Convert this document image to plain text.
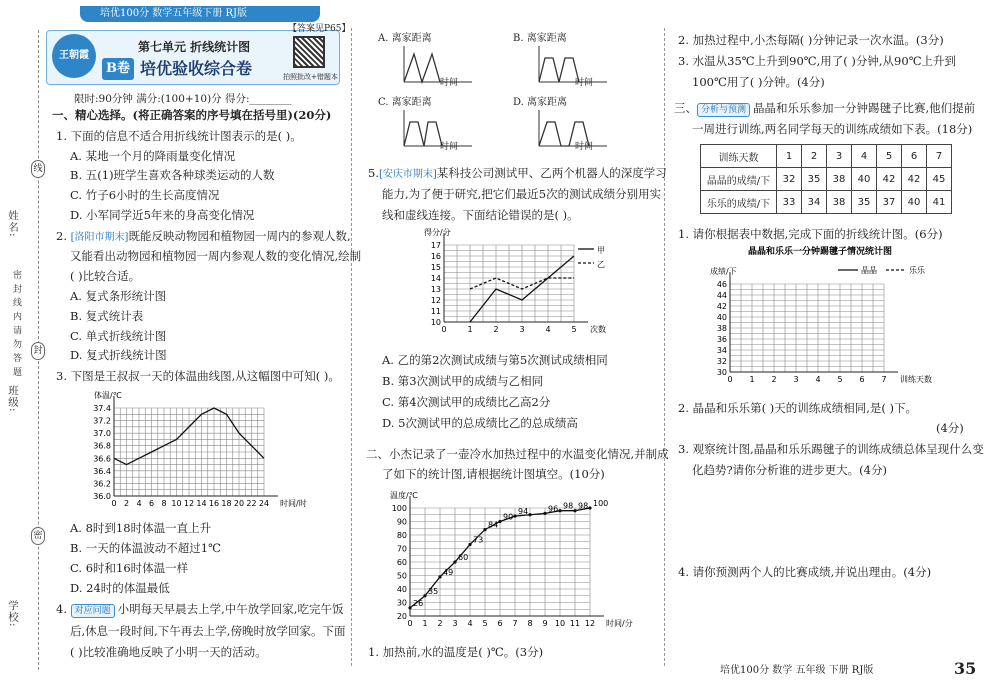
培优100分 数学五年级下册 RJ版
王朝霞
【答案见P65】
第七单元 折线统计图
B卷 培优验收综合卷	拍照批改+错题本
限时:90分钟 满分:(100+10)分 得分:________
姓名:
密 封 线 内 请 勿 答 题
班级:
学校:
线
封
密
一、精心选择。(将正确答案的序号填在括号里)(20分)
1. 下面的信息不适合用折线统计图表示的是( )。
A. 某地一个月的降雨量变化情况
B. 五(1)班学生喜欢各种球类运动的人数
C. 竹子6小时的生长高度情况
D. 小军同学近5年来的身高变化情况
2. [洛阳市期末]既能反映动物园和植物园一周内的参观人数,
又能看出动物园和植物园一周内参观人数的变化情况,绘制
( )比较合适。
A. 复式条形统计图
B. 复式统计表
C. 单式折线统计图
D. 复式折线统计图
3. 下图是王叔叔一天的体温曲线图,从这幅图中可知( )。
36.0
36.2
36.4
36.6
36.8
37.0
37.2
37.4
0 2 4 6 8 10 12 14 16 18 20 22 24 时间/时
体温/℃
A. 8时到18时体温一直上升
B. 一天的体温波动不超过1℃
C. 6时和16时体温一样
D. 24时的体温最低
4. 对应问题 小明每天早晨去上学,中午放学回家,吃完午饭
后,休息一段时间,下午再去上学,傍晚时放学回家。下面
( )比较准确地反映了小明一天的活动。
A. 离家距离	B. 离家距离
C. 离家距离	D. 离家距离
时间	时间
时间	时间
5.[安庆市期末]某科技公司测试甲、乙两个机器人的深度学习
能力,为了便于研究,把它们最近5次的测试成绩分别用实
线和虚线连接。下面结论错误的是( )。
10
11
12
13
14
15
16
17
0	1	2	3	4	5 次数
得分/分
甲
乙
A. 乙的第2次测试成绩与第5次测试成绩相同
B. 第3次测试甲的成绩与乙相同
C. 第4次测试甲的成绩比乙高2分
D. 5次测试甲的总成绩比乙的总成绩高
二、小杰记录了一壶冷水加热过程中的水温变化情况,并制成
了如下的统计图,请根据统计图填空。(10分)
20
30
40
50
60
70
80
90
100
0 1 2 3 4 5 6 7 8 9 10 11 12 时间/分
温度/℃
26
35
49
60
73
84
90
94 96 98 98 100
1. 加热前,水的温度是( )℃。(3分)
2. 加热过程中,小杰每隔( )分钟记录一次水温。(3分)
3. 水温从35℃上升到90℃,用了( )分钟,从90℃上升到
100℃用了( )分钟。(4分)
三、 分析与预测 晶晶和乐乐参加一分钟踢毽子比赛,他们提前
一周进行训练,两名同学每天的训练成绩如下表。(18分)
训练天数	1	2	3	4	5	6	7
晶晶的成绩/下	32	35	38	40	42	42	45
乐乐的成绩/下	33	34	38	35	37	40	41
1. 请你根据表中数据,完成下面的折线统计图。(6分)
30
32
34
36
38
40
42
44
46
0 1 2 3 4 5 6 7 训练天数
成绩/下
晶晶和乐乐一分钟踢毽子情况统计图
晶晶	乐乐
2. 晶晶和乐乐第( )天的训练成绩相同,是( )下。
(4分)
3. 观察统计图,晶晶和乐乐踢毽子的训练成绩总体呈现什么变
化趋势?请你分析谁的进步更大。(4分)
4. 请你预测两个人的比赛成绩,并说出理由。(4分)
培优100分 数学 五年级 下册 RJ版	35
